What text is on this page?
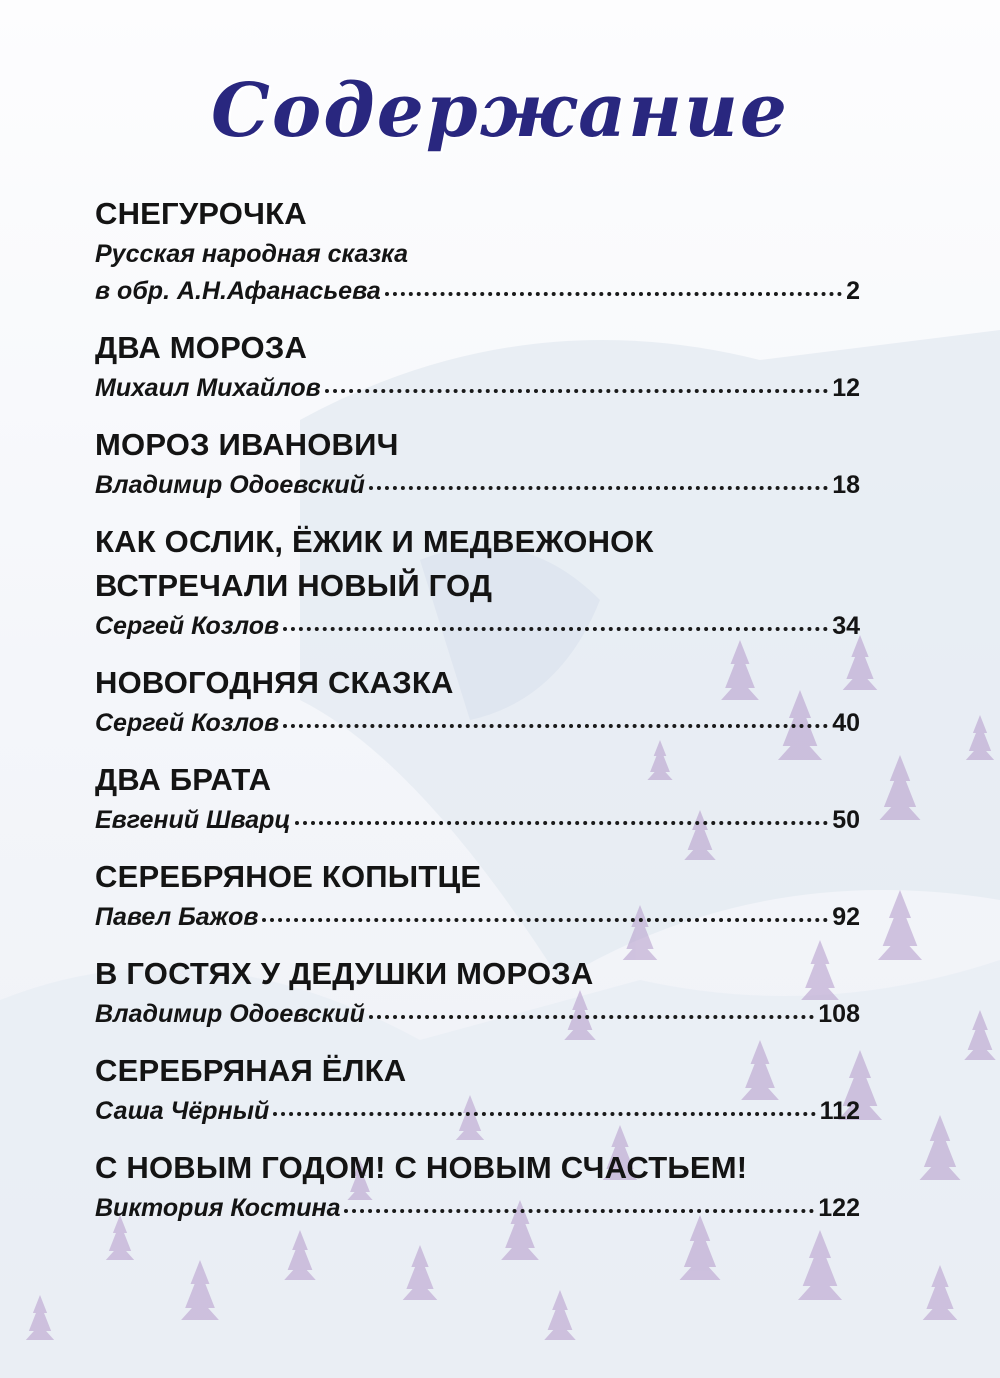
Содержание
СНЕГУРОЧКА
Русская народная сказка
в обр. А.Н.Афанасьева	2
ДВА МОРОЗА
Михаил Михайлов	12
МОРОЗ ИВАНОВИЧ
Владимир Одоевский	18
КАК ОСЛИК, ЁЖИК И МЕДВЕЖОНОК
ВСТРЕЧАЛИ НОВЫЙ ГОД
Сергей Козлов	34
НОВОГОДНЯЯ СКАЗКА
Сергей Козлов	40
ДВА БРАТА
Евгений Шварц	50
СЕРЕБРЯНОЕ КОПЫТЦЕ
Павел Бажов	92
В ГОСТЯХ У ДЕДУШКИ МОРОЗА
Владимир Одоевский	108
СЕРЕБРЯНАЯ ЁЛКА
Саша Чёрный	112
С НОВЫМ ГОДОМ! С НОВЫМ СЧАСТЬЕМ!
Виктория Костина	122
